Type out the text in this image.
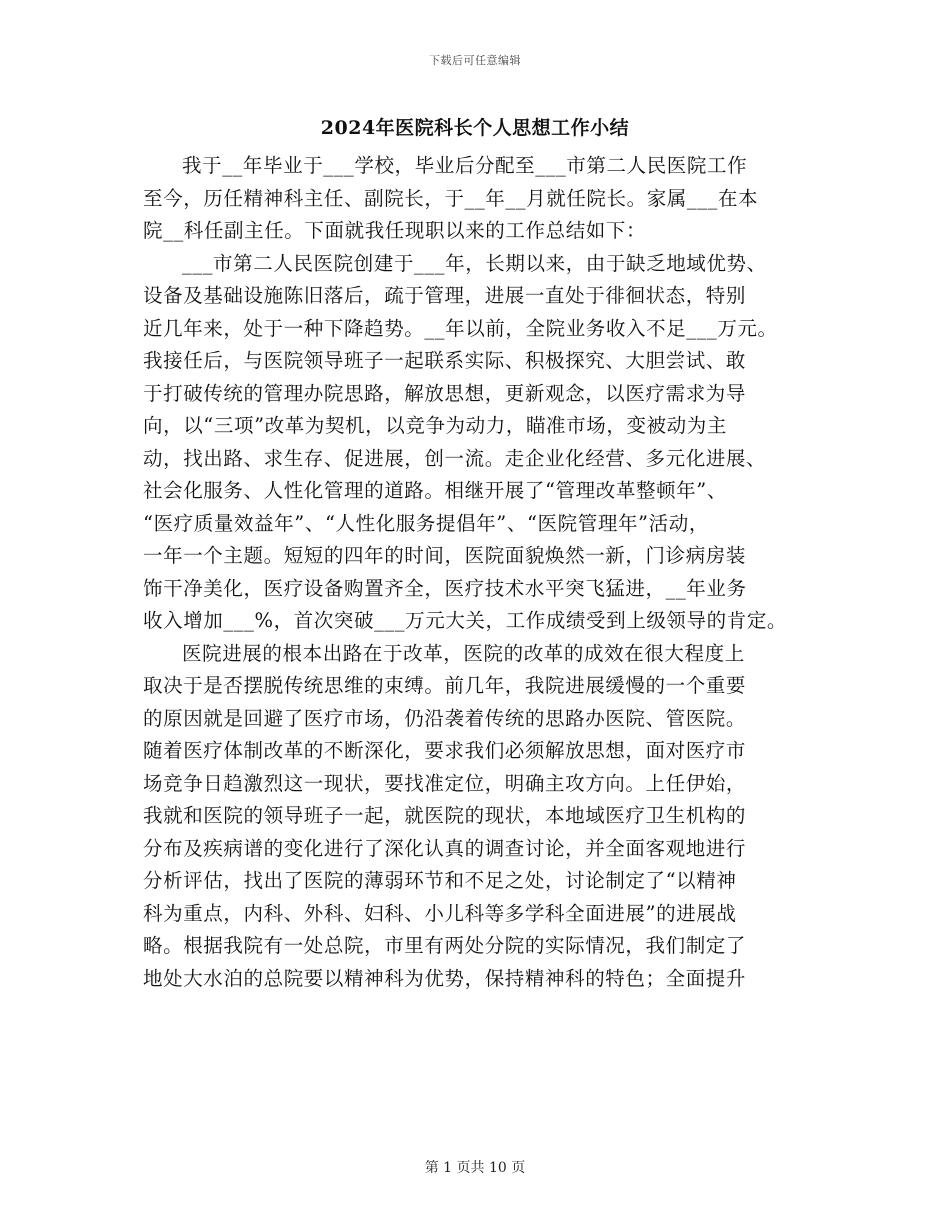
下载后可任意编辑
2024年医院科长个人思想工作小结
我于__年毕业于___学校，毕业后分配至___市第二人民医院工作
至今，历任精神科主任、副院长，于__年__月就任院长。家属___在本
院__科任副主任。下面就我任现职以来的工作总结如下：
___市第二人民医院创建于___年，长期以来，由于缺乏地域优势、
设备及基础设施陈旧落后，疏于管理，进展一直处于徘徊状态，特别
近几年来，处于一种下降趋势。__年以前，全院业务收入不足___万元。
我接任后，与医院领导班子一起联系实际、积极探究、大胆尝试、敢
于打破传统的管理办院思路，解放思想，更新观念，以医疗需求为导
向，以“三项”改革为契机，以竞争为动力，瞄准市场，变被动为主
动，找出路、求生存、促进展，创一流。走企业化经营、多元化进展、
社会化服务、人性化管理的道路。相继开展了“管理改革整顿年”、
“医疗质量效益年”、“人性化服务提倡年”、“医院管理年”活动，
一年一个主题。短短的四年的时间，医院面貌焕然一新，门诊病房装
饰干净美化，医疗设备购置齐全，医疗技术水平突飞猛进，__年业务
收入增加___%，首次突破___万元大关，工作成绩受到上级领导的肯定。
医院进展的根本出路在于改革，医院的改革的成效在很大程度上
取决于是否摆脱传统思维的束缚。前几年，我院进展缓慢的一个重要
的原因就是回避了医疗市场，仍沿袭着传统的思路办医院、管医院。
随着医疗体制改革的不断深化，要求我们必须解放思想，面对医疗市
场竞争日趋激烈这一现状，要找准定位，明确主攻方向。上任伊始，
我就和医院的领导班子一起，就医院的现状，本地域医疗卫生机构的
分布及疾病谱的变化进行了深化认真的调查讨论，并全面客观地进行
分析评估，找出了医院的薄弱环节和不足之处，讨论制定了“以精神
科为重点，内科、外科、妇科、小儿科等多学科全面进展”的进展战
略。根据我院有一处总院，市里有两处分院的实际情况，我们制定了
地处大水泊的总院要以精神科为优势，保持精神科的特色；全面提升
第 1 页共 10 页
